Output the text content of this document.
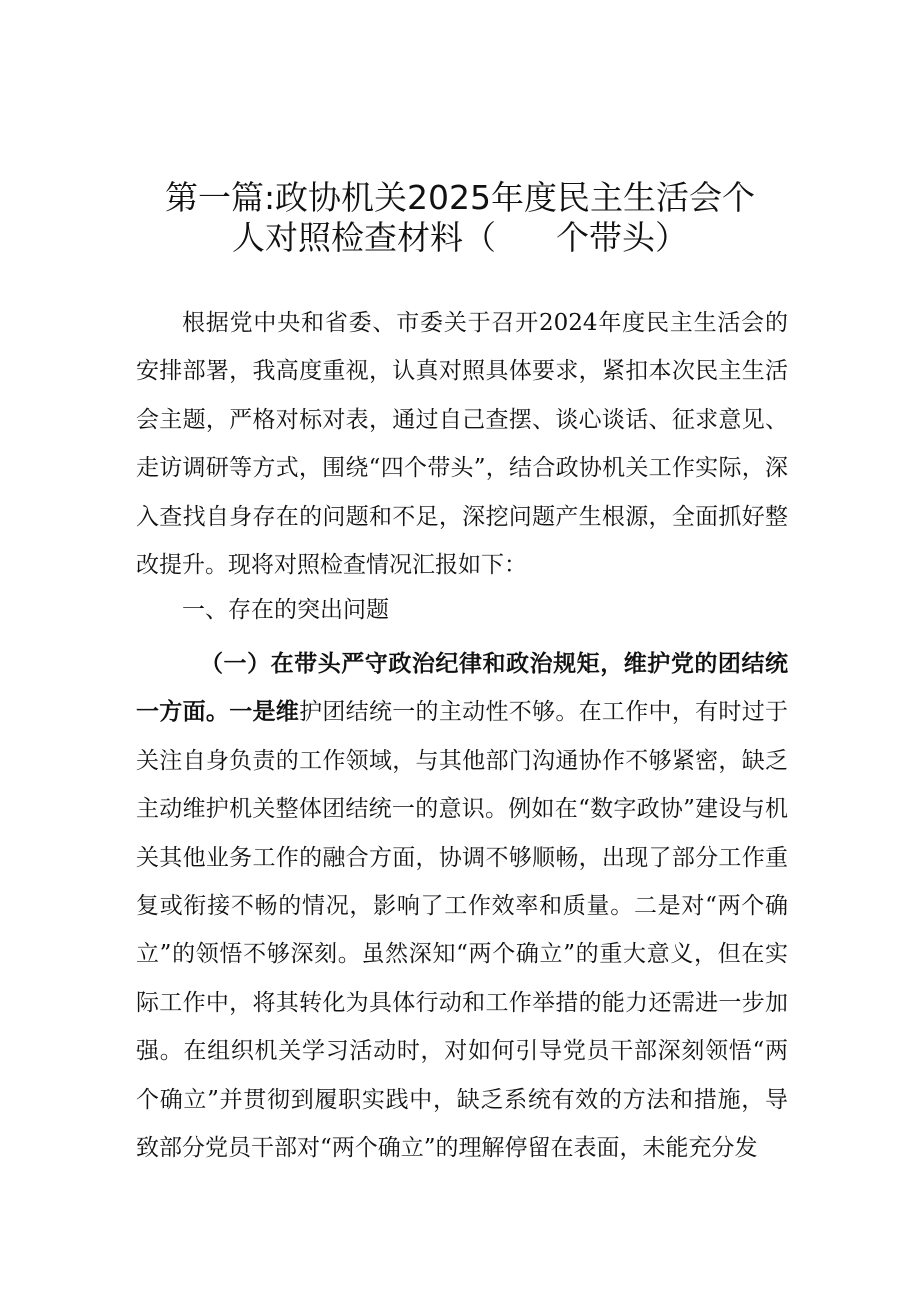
第一篇:政协机关2025年度民主生活会个
人对照检查材料（ 个带头）

根据党中央和省委、市委关于召开2024年度民主生活会的安排部署，我高度重视，认真对照具体要求，紧扣本次民主生活会主题，严格对标对表，通过自己查摆、谈心谈话、征求意见、走访调研等方式，围绕“四个带头”，结合政协机关工作实际，深入查找自身存在的问题和不足，深挖问题产生根源，全面抓好整改提升。现将对照检查情况汇报如下：

一、存在的突出问题

（一）在带头严守政治纪律和政治规矩，维护党的团结统一方面。一是维护团结统一的主动性不够。在工作中，有时过于关注自身负责的工作领域，与其他部门沟通协作不够紧密，缺乏主动维护机关整体团结统一的意识。例如在“数字政协”建设与机关其他业务工作的融合方面，协调不够顺畅，出现了部分工作重复或衔接不畅的情况，影响了工作效率和质量。二是对“两个确立”的领悟不够深刻。虽然深知“两个确立”的重大意义，但在实际工作中，将其转化为具体行动和工作举措的能力还需进一步加强。在组织机关学习活动时，对如何引导党员干部深刻领悟“两个确立”并贯彻到履职实践中，缺乏系统有效的方法和措施，导致部分党员干部对“两个确立”的理解停留在表面，未能充分发
